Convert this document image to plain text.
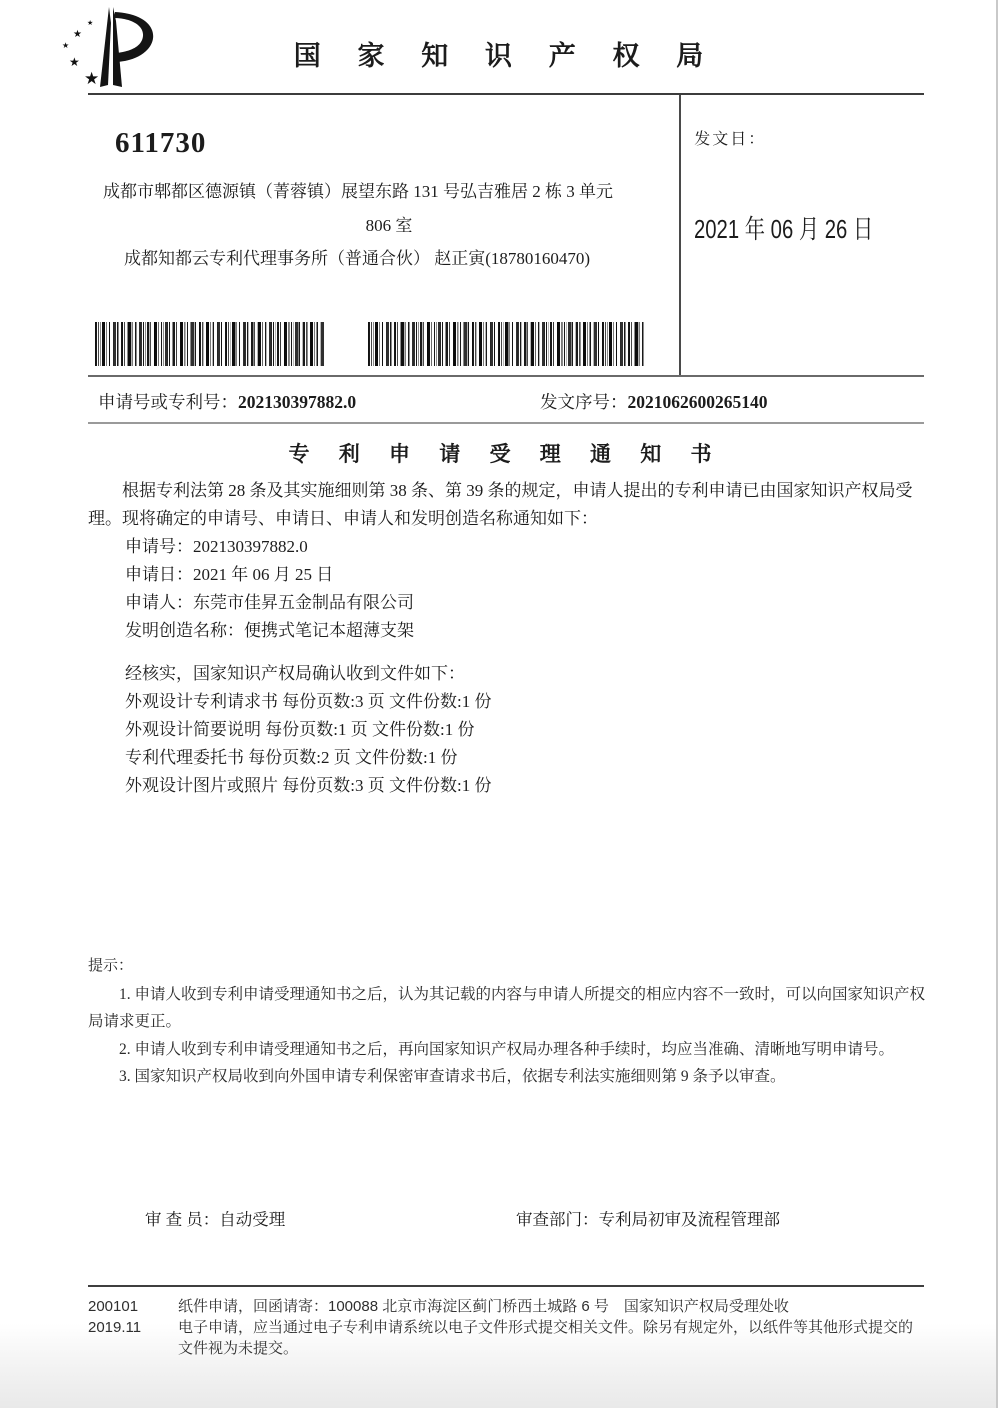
★
★
★
★
★
国 家 知 识 产 权 局
611730
成都市郫都区德源镇（菁蓉镇）展望东路 131 号弘吉雅居 2 栋 3 单元
806 室
成都知都云专利代理事务所（普通合伙） 赵正寅(18780160470)
发文日：
2021 年 06 月 26 日
申请号或专利号：202130397882.0	发文序号：2021062600265140
专 利 申 请 受 理 通 知 书

根据专利法第 28 条及其实施细则第 38 条、第 39 条的规定，申请人提出的专利申请已由国家知识产权局受理。现将确定的申请号、申请日、申请人和发明创造名称通知如下：

申请号：202130397882.0
申请日：2021 年 06 月 25 日
申请人：东莞市佳昇五金制品有限公司
发明创造名称：便携式笔记本超薄支架
经核实，国家知识产权局确认收到文件如下：
外观设计专利请求书 每份页数:3 页 文件份数:1 份
外观设计简要说明 每份页数:1 页 文件份数:1 份
专利代理委托书 每份页数:2 页 文件份数:1 份
外观设计图片或照片 每份页数:3 页 文件份数:1 份
提示：

1. 申请人收到专利申请受理通知书之后，认为其记载的内容与申请人所提交的相应内容不一致时，可以向国家知识产权局请求更正。

2. 申请人收到专利申请受理通知书之后，再向国家知识产权局办理各种手续时，均应当准确、清晰地写明申请号。

3. 国家知识产权局收到向外国申请专利保密审查请求书后，依据专利法实施细则第 9 条予以审查。

审 查 员：自动受理	审查部门：专利局初审及流程管理部
200101
2019.11
纸件申请，回函请寄：100088 北京市海淀区蓟门桥西土城路 6 号　国家知识产权局受理处收
电子申请，应当通过电子专利申请系统以电子文件形式提交相关文件。除另有规定外，以纸件等其他形式提交的文件视为未提交。
